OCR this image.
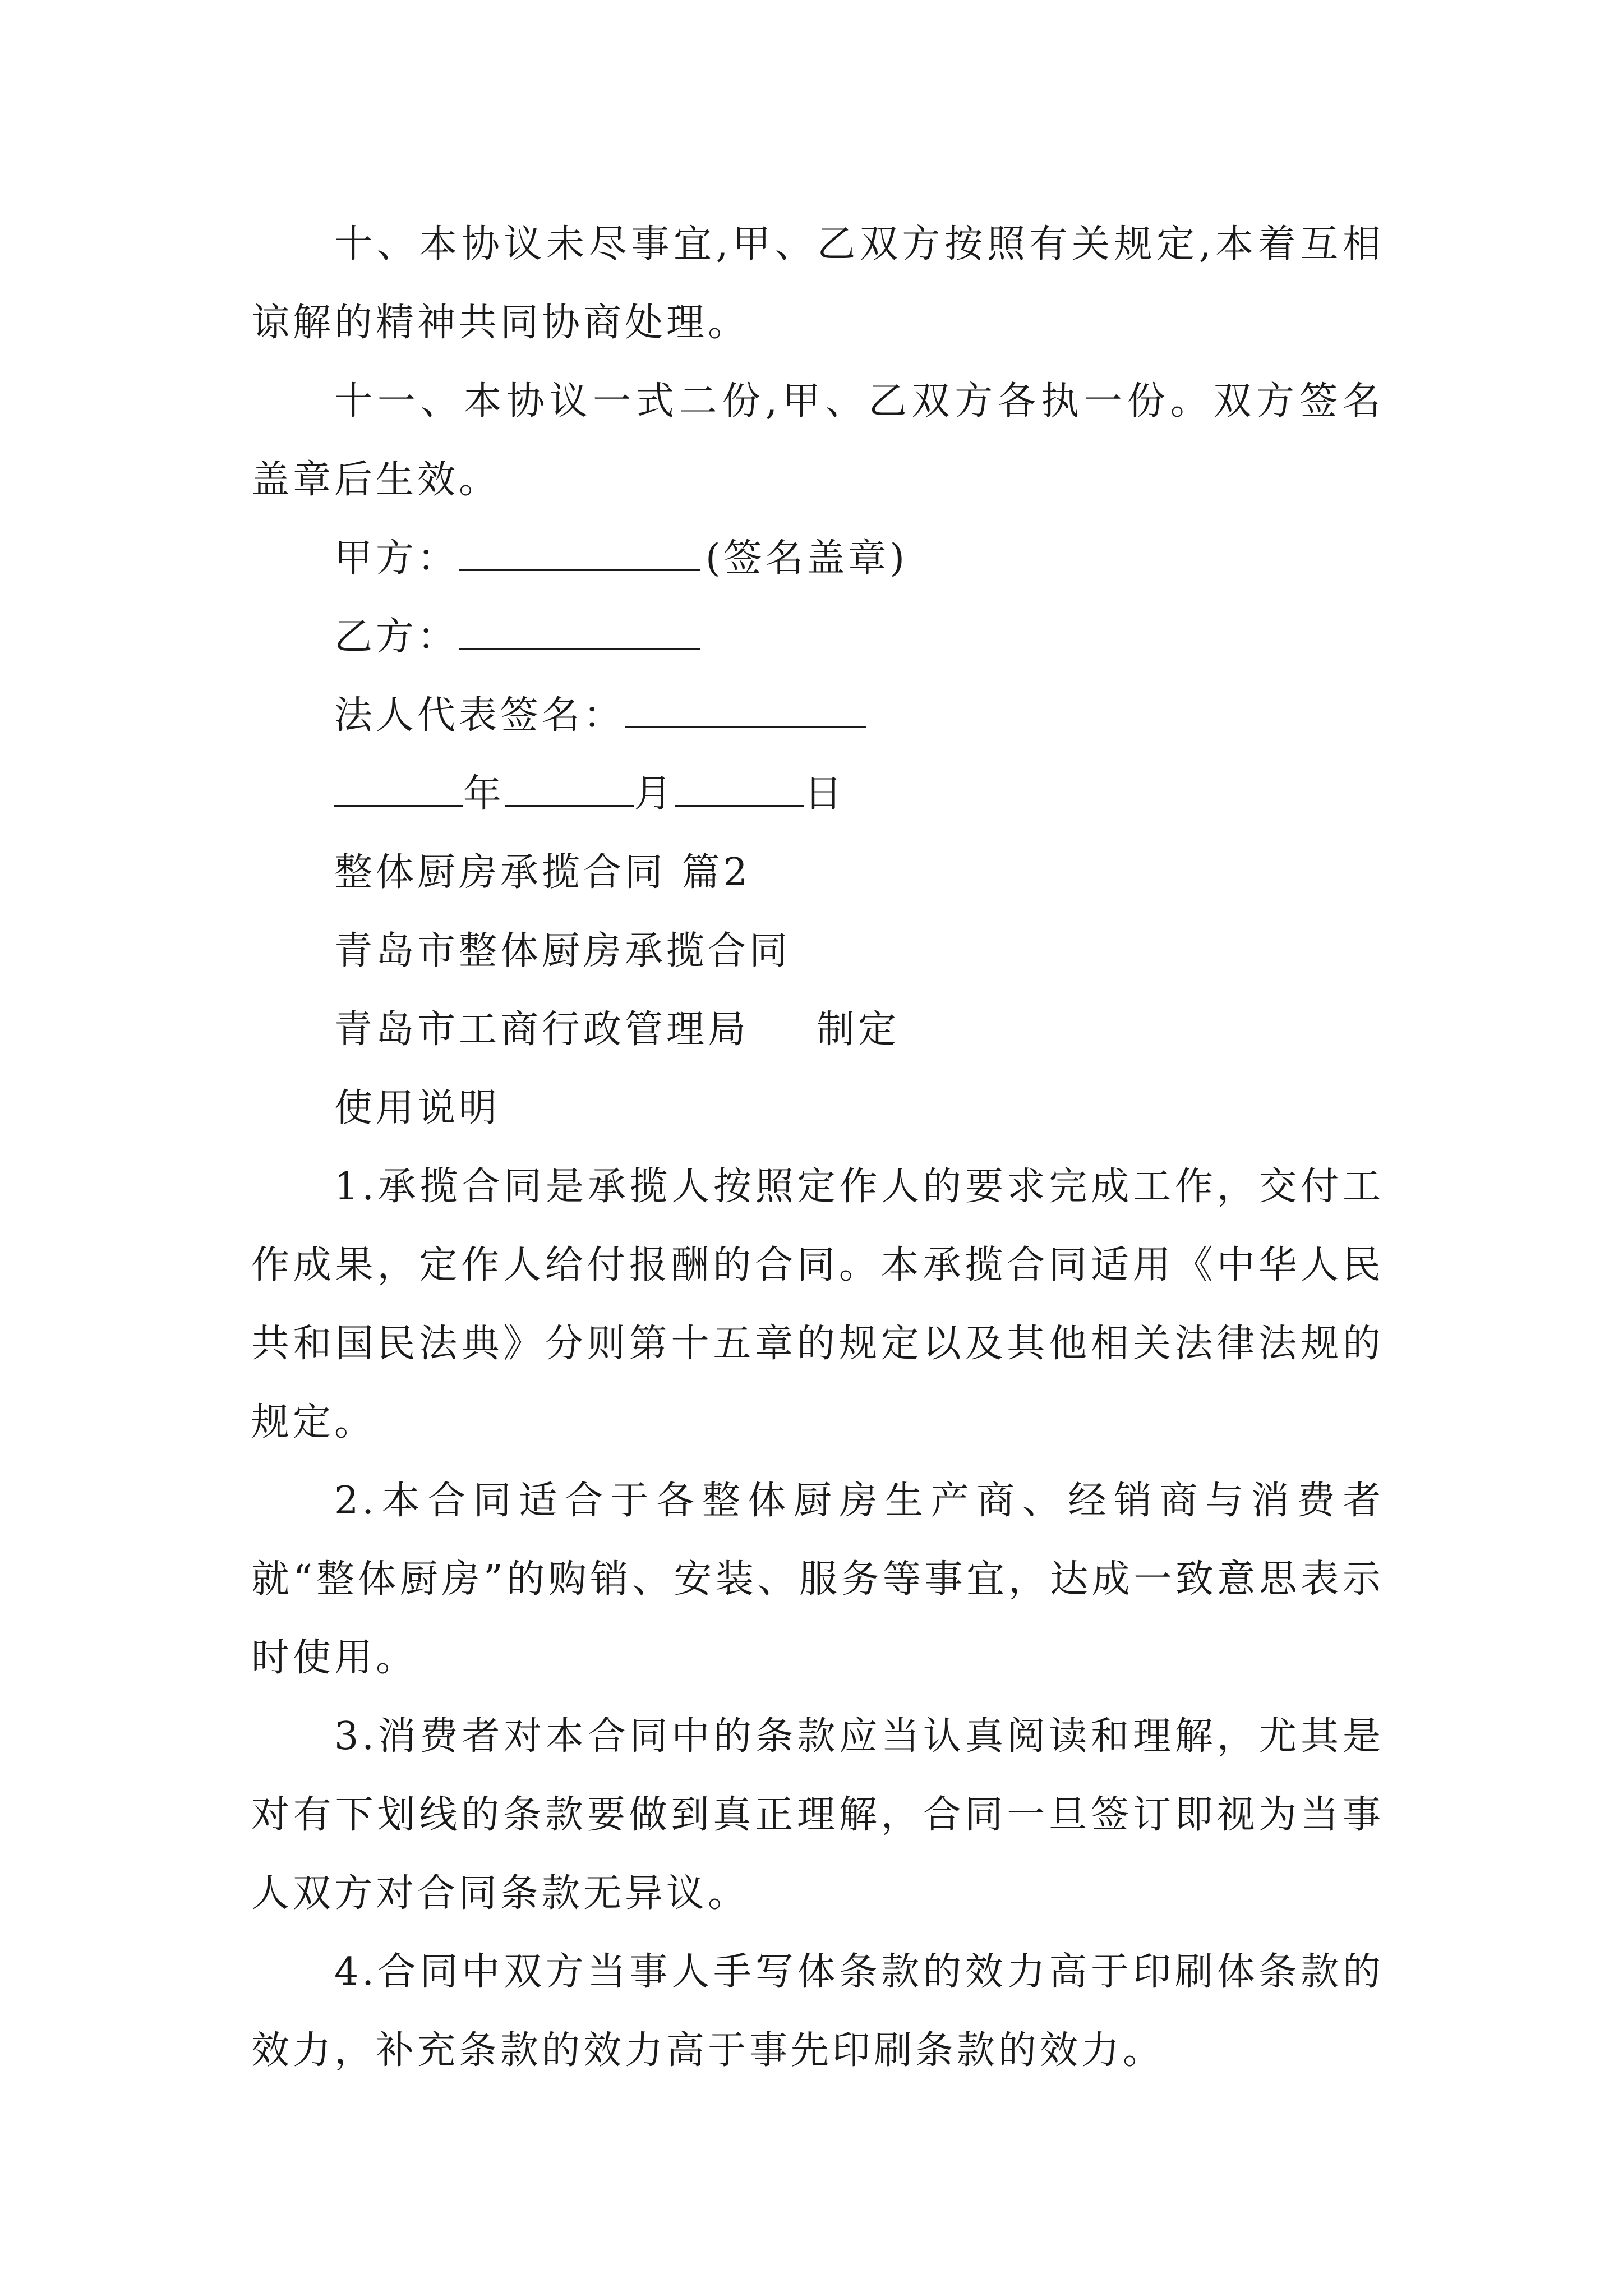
十、本协议未尽事宜,甲、乙双方按照有关规定,本着互相谅解的精神共同协商处理。

十一、本协议一式二份,甲、乙双方各执一份。双方签名盖章后生效。

甲方：	(签名盖章)

乙方：

法人代表签名：

年	月	日

整体厨房承揽合同 篇2

青岛市整体厨房承揽合同

青岛市工商行政管理局 制定

使用说明

1.承揽合同是承揽人按照定作人的要求完成工作，交付工作成果，定作人给付报酬的合同。本承揽合同适用《中华人民共和国民法典》分则第十五章的规定以及其他相关法律法规的规定。

2.本合同适合于各整体厨房生产商、经销商与消费者就“整体厨房”的购销、安装、服务等事宜，达成一致意思表示时使用。

3.消费者对本合同中的条款应当认真阅读和理解，尤其是对有下划线的条款要做到真正理解，合同一旦签订即视为当事人双方对合同条款无异议。

4.合同中双方当事人手写体条款的效力高于印刷体条款的效力，补充条款的效力高于事先印刷条款的效力。
